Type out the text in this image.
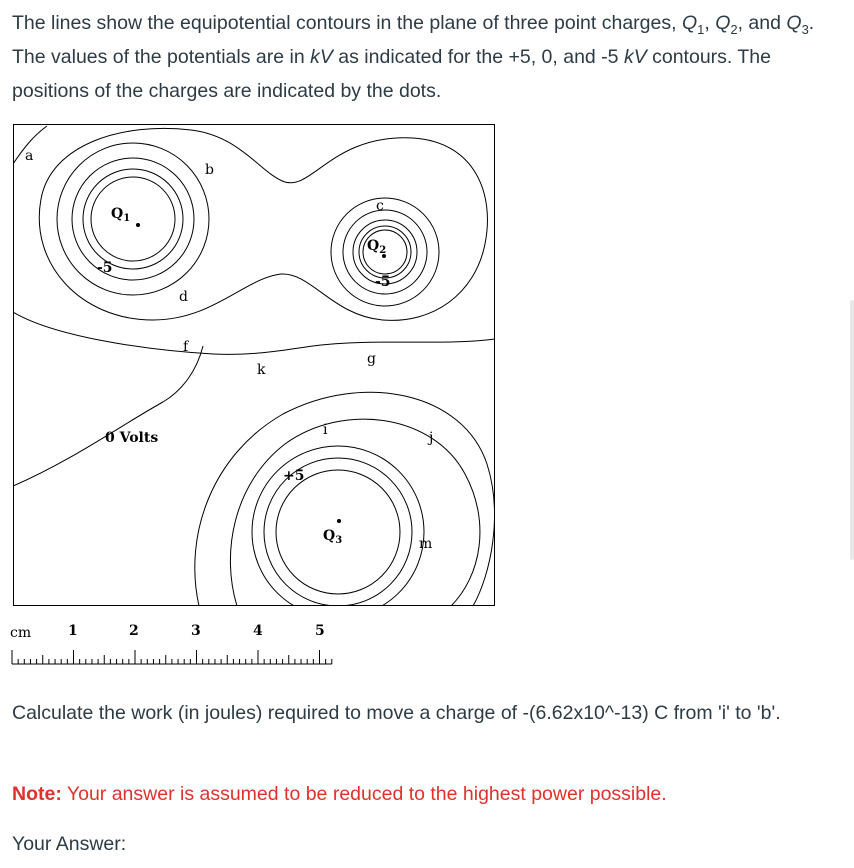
The lines show the equipotential contours in the plane of three point charges, $Q_1$, $Q_2$, and $Q_3$. The values of the potentials are in kV as indicated for the +5, 0, and -5 kV contours. The positions of the charges are indicated by the dots.
a
b
c
d
f
g
k
i	j
m
$Q_1$
$Q_2$
$Q_3$
-5
-5
+5
0 Volts
cm	1	2	3	4	5
Calculate the work (in joules) required to move a charge of -(6.62x10^-13) C from 'i' to 'b'.
Note: Your answer is assumed to be reduced to the highest power possible.
Your Answer:
